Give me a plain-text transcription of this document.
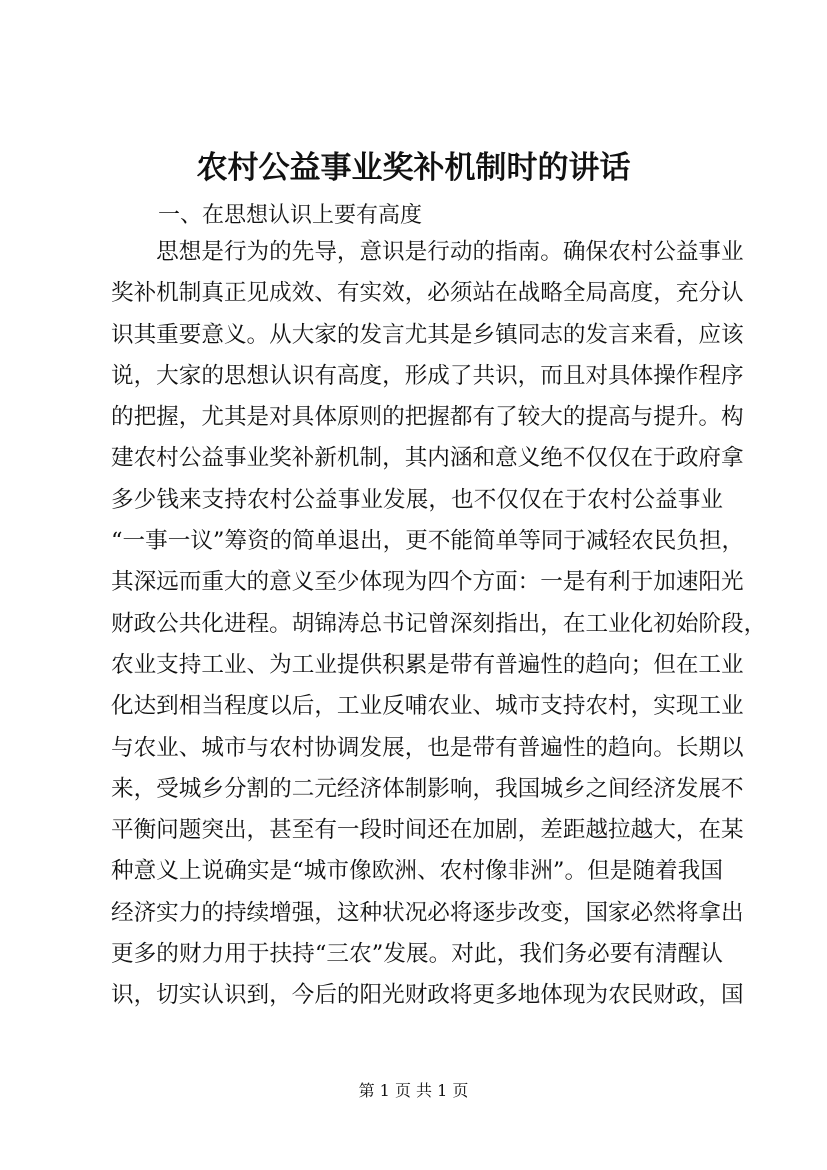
农村公益事业奖补机制时的讲话
一、在思想认识上要有高度
　　思想是行为的先导，意识是行动的指南。确保农村公益事业
奖补机制真正见成效、有实效，必须站在战略全局高度，充分认
识其重要意义。从大家的发言尤其是乡镇同志的发言来看，应该
说，大家的思想认识有高度，形成了共识，而且对具体操作程序
的把握，尤其是对具体原则的把握都有了较大的提高与提升。构
建农村公益事业奖补新机制，其内涵和意义绝不仅仅在于政府拿
多少钱来支持农村公益事业发展，也不仅仅在于农村公益事业
“一事一议”筹资的简单退出，更不能简单等同于减轻农民负担，
其深远而重大的意义至少体现为四个方面：一是有利于加速阳光
财政公共化进程。胡锦涛总书记曾深刻指出，在工业化初始阶段，
农业支持工业、为工业提供积累是带有普遍性的趋向；但在工业
化达到相当程度以后，工业反哺农业、城市支持农村，实现工业
与农业、城市与农村协调发展，也是带有普遍性的趋向。长期以
来，受城乡分割的二元经济体制影响，我国城乡之间经济发展不
平衡问题突出，甚至有一段时间还在加剧，差距越拉越大，在某
种意义上说确实是“城市像欧洲、农村像非洲”。但是随着我国
经济实力的持续增强，这种状况必将逐步改变，国家必然将拿出
更多的财力用于扶持“三农”发展。对此，我们务必要有清醒认
识，切实认识到，今后的阳光财政将更多地体现为农民财政，国
第 1 页 共 1 页
